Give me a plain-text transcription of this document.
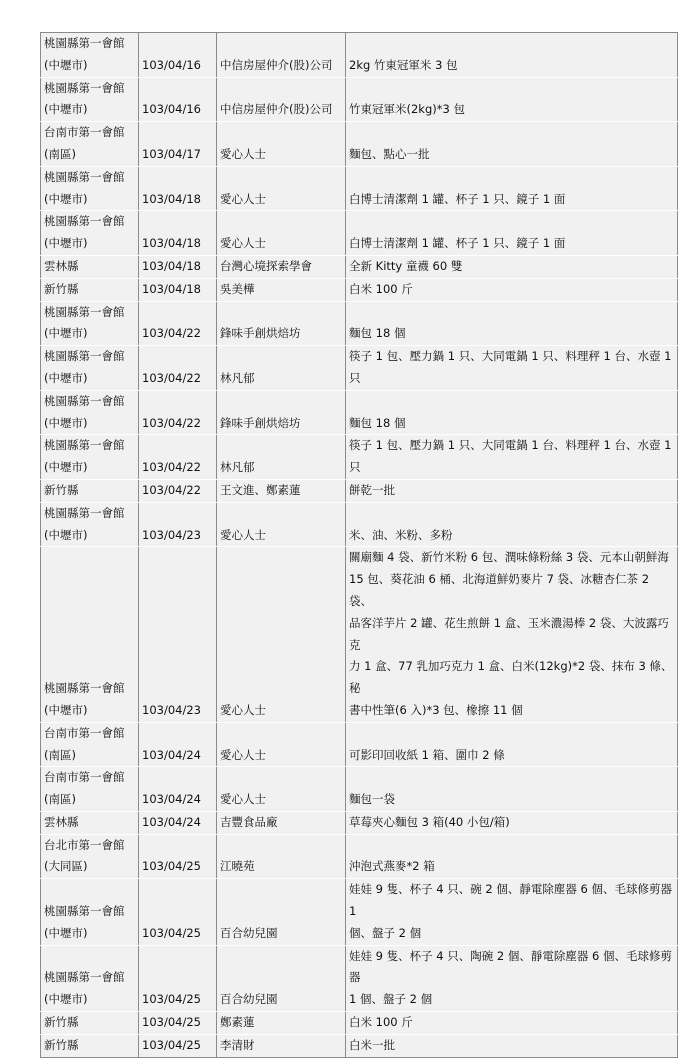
桃園縣第一會館
(中壢市)	103/04/16	中信房屋仲介(股)公司	2kg 竹東冠軍米 3 包
桃園縣第一會館
(中壢市)	103/04/16	中信房屋仲介(股)公司	竹東冠軍米(2kg)*3 包
台南市第一會館
(南區)	103/04/17	愛心人士	麵包、點心一批
桃園縣第一會館
(中壢市)	103/04/18	愛心人士	白博士清潔劑 1 罐、杯子 1 只、鏡子 1 面
桃園縣第一會館
(中壢市)	103/04/18	愛心人士	白博士清潔劑 1 罐、杯子 1 只、鏡子 1 面
雲林縣	103/04/18	台灣心境探索學會	全新 Kitty 童襪 60 雙
新竹縣	103/04/18	吳美樺	白米 100 斤
桃園縣第一會館
(中壢市)	103/04/22	鋒味手創烘焙坊	麵包 18 個
桃園縣第一會館
(中壢市)	103/04/22	林凡郁	筷子 1 包、壓力鍋 1 只、大同電鍋 1 只、料理秤 1 台、水壺 1
只
桃園縣第一會館
(中壢市)	103/04/22	鋒味手創烘焙坊	麵包 18 個
桃園縣第一會館
(中壢市)	103/04/22	林凡郁	筷子 1 包、壓力鍋 1 只、大同電鍋 1 台、料理秤 1 台、水壺 1
只
新竹縣	103/04/22	王文進、鄭素蓮	餅乾一批
桃園縣第一會館
(中壢市)	103/04/23	愛心人士	米、油、米粉、多粉
桃園縣第一會館
(中壢市)	103/04/23	愛心人士	關廟麵 4 袋、新竹米粉 6 包、潤味條粉絲 3 袋、元本山朝鮮海
15 包、葵花油 6 桶、北海道鮮奶麥片 7 袋、冰糖杏仁茶 2 袋、
品客洋芋片 2 罐、花生煎餅 1 盒、玉米濃湯棒 2 袋、大波露巧克
力 1 盒、77 乳加巧克力 1 盒、白米(12kg)*2 袋、抹布 3 條、秘
書中性筆(6 入)*3 包、橡擦 11 個
台南市第一會館
(南區)	103/04/24	愛心人士	可影印回收紙 1 箱、圍巾 2 條
台南市第一會館
(南區)	103/04/24	愛心人士	麵包一袋
雲林縣	103/04/24	吉豐食品廠	草莓夾心麵包 3 箱(40 小包/箱)
台北市第一會館
(大同區)	103/04/25	江曉苑	沖泡式燕麥*2 箱
桃園縣第一會館
(中壢市)	103/04/25	百合幼兒園	娃娃 9 隻、杯子 4 只、碗 2 個、靜電除塵器 6 個、毛球修剪器 1
個、盤子 2 個
桃園縣第一會館
(中壢市)	103/04/25	百合幼兒園	娃娃 9 隻、杯子 4 只、陶碗 2 個、靜電除塵器 6 個、毛球修剪器
1 個、盤子 2 個
新竹縣	103/04/25	鄭素蓮	白米 100 斤
新竹縣	103/04/25	李清財	白米一批
